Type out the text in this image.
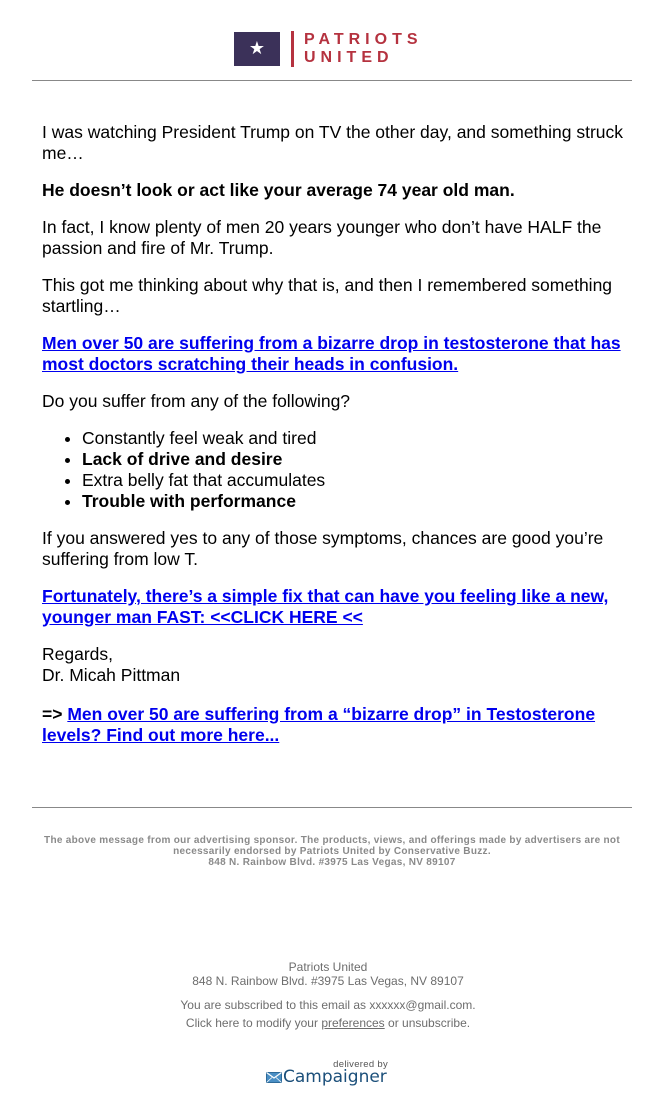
★	PATRIOTS
UNITED

I was watching President Trump on TV the other day, and something struck me…

He doesn’t look or act like your average 74 year old man.

In fact, I know plenty of men 20 years younger who don’t have HALF the passion and fire of Mr. Trump.

This got me thinking about why that is, and then I remembered something startling…

Men over 50 are suffering from a bizarre drop in testosterone that has most doctors scratching their heads in confusion.

Do you suffer from any of the following?

• Constantly feel weak and tired
• Lack of drive and desire
• Extra belly fat that accumulates
• Trouble with performance

If you answered yes to any of those symptoms, chances are good you’re suffering from low T.

Fortunately, there’s a simple fix that can have you feeling like a new, younger man FAST: <<CLICK HERE <<

Regards,
Dr. Micah Pittman

=> Men over 50 are suffering from a “bizarre drop” in Testosterone levels? Find out more here...

The above message from our advertising sponsor. The products, views, and offerings made by advertisers are not necessarily endorsed by Patriots United by Conservative Buzz.
848 N. Rainbow Blvd. #3975 Las Vegas, NV 89107
Patriots United
848 N. Rainbow Blvd. #3975 Las Vegas, NV 89107
You are subscribed to this email as xxxxxx@gmail.com.
Click here to modify your preferences or unsubscribe.
delivered by
Campaigner
